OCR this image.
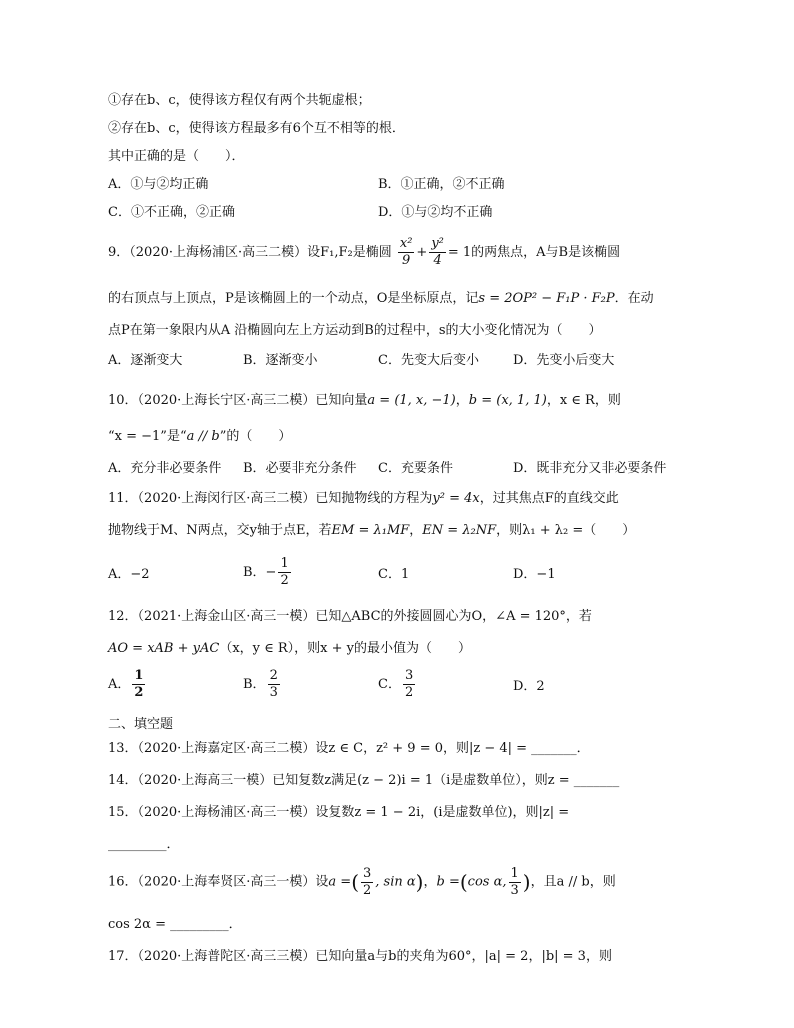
①存在b、c，使得该方程仅有两个共轭虚根；
②存在b、c，使得该方程最多有6个互不相等的根．
其中正确的是（　　）．
A．①与②均正确	B．①正确，②不正确
C．①不正确，②正确	D．①与②均不正确
9．（2020·上海杨浦区·高三二模）设F₁,F₂是椭圆 $\frac{\text{x²}}{9} + \frac{\text{y²}}{4} = 1$的两焦点，A与B是该椭圆
的右顶点与上顶点，P是该椭圆上的一个动点，O是坐标原点，记s = 2OP² − F₁P · F₂P．在动
点P在第一象限内从A 沿椭圆向左上方运动到B的过程中，s的大小变化情况为（　　）
A．逐渐变大	B．逐渐变小	C．先变大后变小	D．先变小后变大
10．（2020·上海长宁区·高三二模）已知向量a = (1, x, −1)，b = (x, 1, 1)，x ∈ R，则
“x = −1”是“a // b”的（　　）
A．充分非必要条件 B．必要非充分条件 C．充要条件	D．既非充分又非必要条件
11．（2020·上海闵行区·高三二模）已知抛物线的方程为y² = 4x，过其焦点F的直线交此
抛物线于M、N两点，交y轴于点E，若EM = λ₁MF，EN = λ₂NF，则λ₁ + λ₂ =（　　）
A．−2	B．− $\frac{1}{2}$	C．1	D．−1
12．（2021·上海金山区·高三一模）已知△ABC的外接圆圆心为O，∠A = 120°，若
AO = xAB + yAC（x，y ∈ R），则x + y的最小值为（　　）
A． $\frac{1}{2}$	B． $\frac{2}{3}$	C． $\frac{3}{2}$	D．2
二、填空题
13．（2020·上海嘉定区·高三二模）设z ∈ C，z² + 9 = 0，则|z − 4| = _______．
14．（2020·上海高三一模）已知复数z满足(z − 2)i = 1（i是虚数单位），则z = _______
15．（2020·上海杨浦区·高三一模）设复数z = 1 − 2i，(i是虚数单位)，则|z| =
_________．
16．（2020·上海奉贤区·高三一模）设a =( $\frac{3}{2}$ , sin α)，b =(cos α, $\frac{1}{3}$ )，且a // b，则
cos 2α = _________．
17．（2020·上海普陀区·高三三模）已知向量a与b的夹角为60°，|a| = 2，|b| = 3，则
